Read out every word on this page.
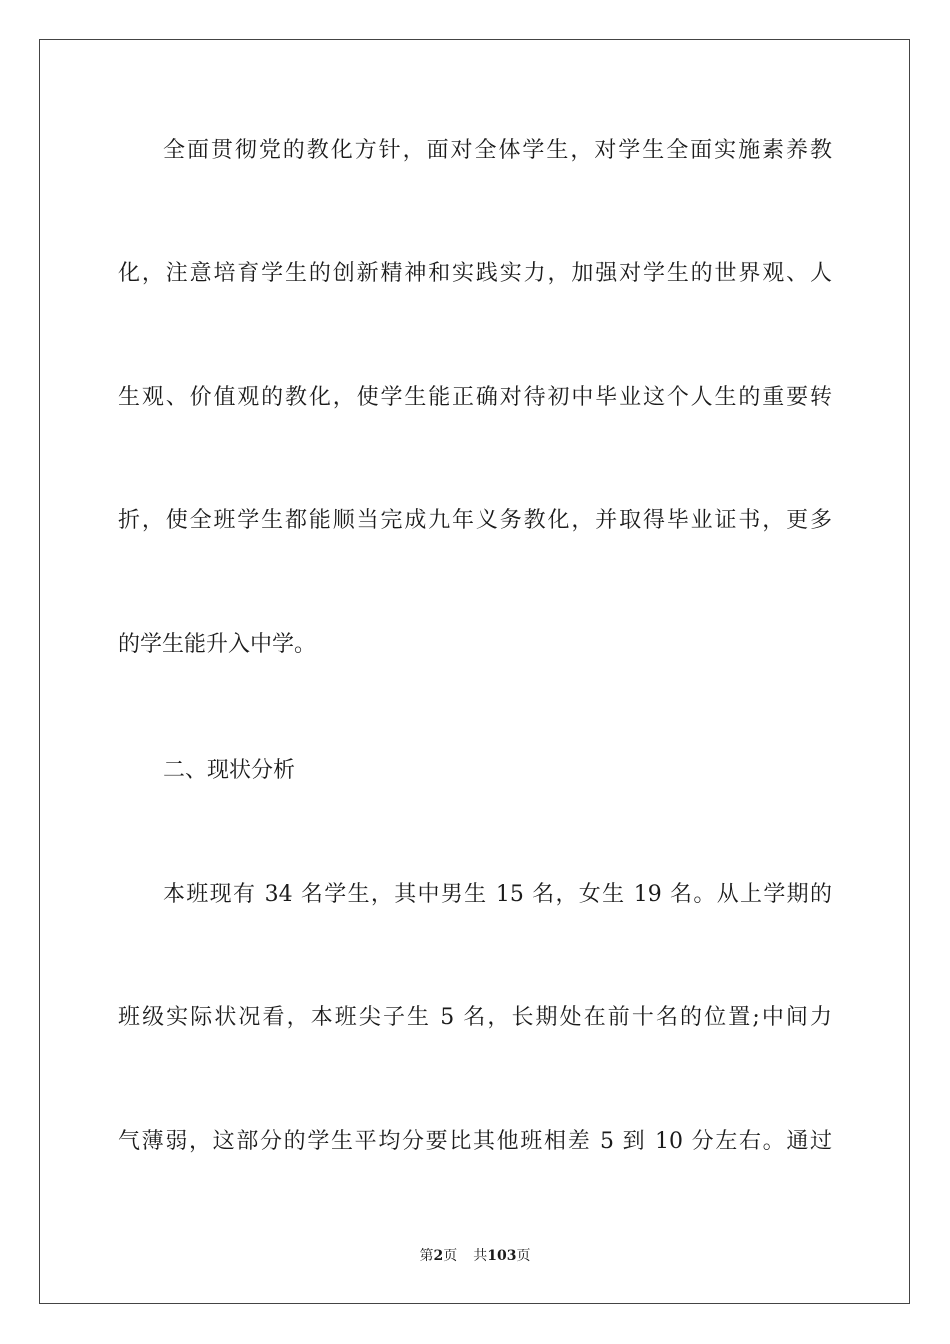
全面贯彻党的教化方针，面对全体学生，对学生全面实施素养教
化，注意培育学生的创新精神和实践实力，加强对学生的世界观、人
生观、价值观的教化，使学生能正确对待初中毕业这个人生的重要转
折，使全班学生都能顺当完成九年义务教化，并取得毕业证书，更多
的学生能升入中学。
二、现状分析
本班现有 34 名学生，其中男生 15 名，女生 19 名。从上学期的
班级实际状况看，本班尖子生 5 名，长期处在前十名的位置;中间力
气薄弱，这部分的学生平均分要比其他班相差 5 到 10 分左右。通过
第2页 共103页
